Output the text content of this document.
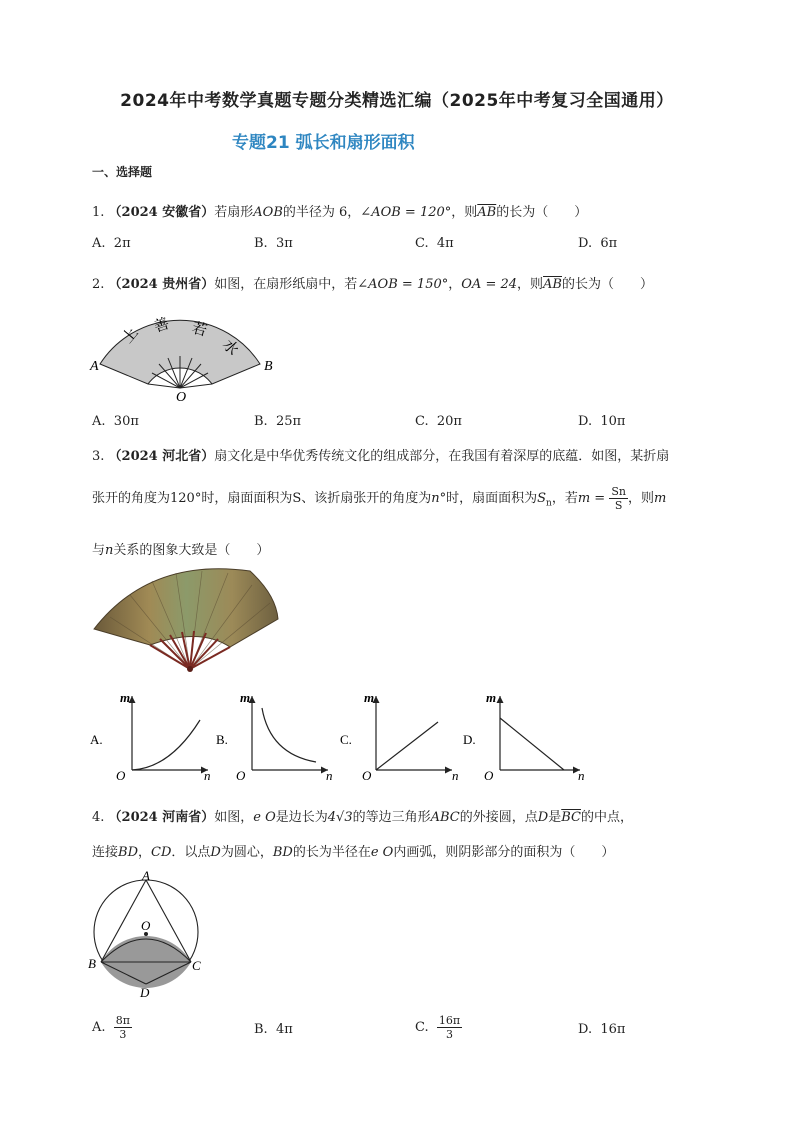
2024年中考数学真题专题分类精选汇编（2025年中考复习全国通用）
专题21 弧长和扇形面积
一、选择题
1. （2024 安徽省）若扇形AOB的半径为 6，∠AOB = 120°，则$\overline{AB}$的长为（　　）
A. 2π	B. 3π	C. 4π	D. 6π
2. （2024 贵州省）如图，在扇形纸扇中，若∠AOB = 150°，OA = 24，则$\overline{AB}$的长为（　　）
上 善 若
水
A	B
O
A. 30π	B. 25π	C. 20π	D. 10π
3. （2024 河北省）扇文化是中华优秀传统文化的组成部分，在我国有着深厚的底蕴．如图，某折扇
张开的角度为120°时，扇面面积为S、该折扇张开的角度为n°时，扇面面积为$S_n$，若$m = \frac{Sn}{S}$ ，则m
与n关系的图象大致是（　　）
A.
O
m
n
B.
O
m
n
C.
O
m
n
D.
O
m
n
4. （2024 河南省）如图，e O是边长为4√3的等边三角形ABC的外接圆，点D是$\overline{BC}$的中点，
连接BD，CD．以点D为圆心，BD的长为半径在e O内画弧，则阴影部分的面积为（　　）
A
B	C
D
O
A. $\frac{8\pi}{3}$	B. 4π	C. $\frac{16\pi}{3}$	D. 16π
